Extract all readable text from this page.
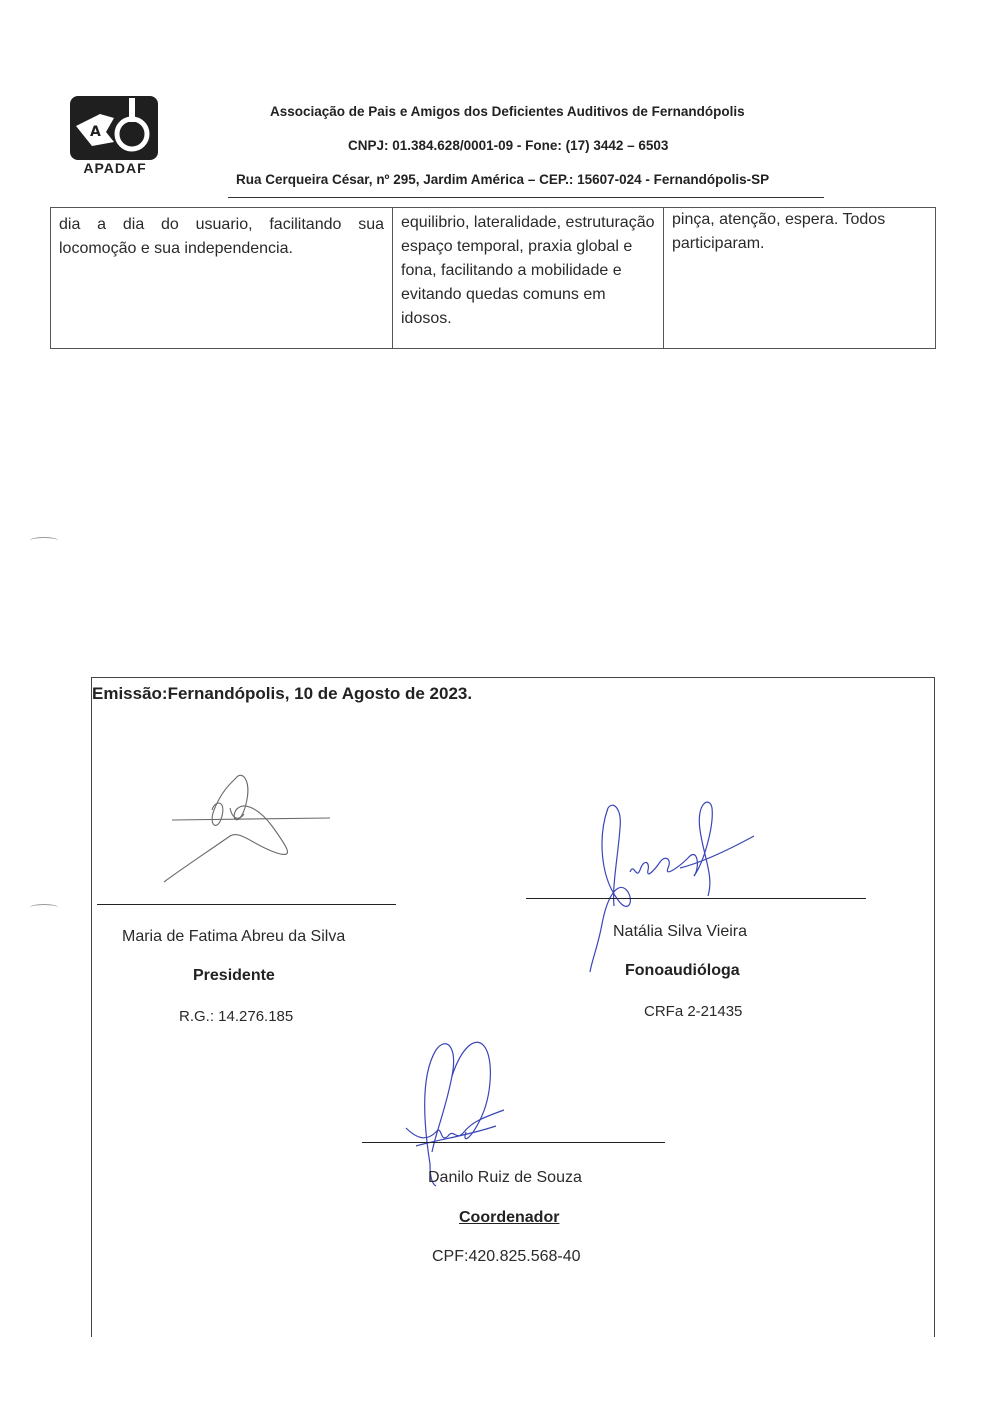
A
APADAF
Associação de Pais e Amigos dos Deficientes Auditivos de Fernandópolis
CNPJ: 01.384.628/0001-09 - Fone: (17) 3442 – 6503
Rua Cerqueira César, nº 295, Jardim América – CEP.: 15607-024 - Fernandópolis-SP
dia a dia do usuario, facilitando sua locomoção e sua independencia.
equilibrio, lateralidade, estruturação espaço temporal, praxia global e fona, facilitando a mobilidade e evitando quedas comuns em idosos.
pinça, atenção, espera. Todos participaram.
Emissão:Fernandópolis, 10 de Agosto de 2023.
Maria de Fatima Abreu da Silva
Presidente
R.G.: 14.276.185
Natália Silva Vieira
Fonoaudióloga
CRFa 2-21435
Danilo Ruiz de Souza
Coordenador
CPF:420.825.568-40
